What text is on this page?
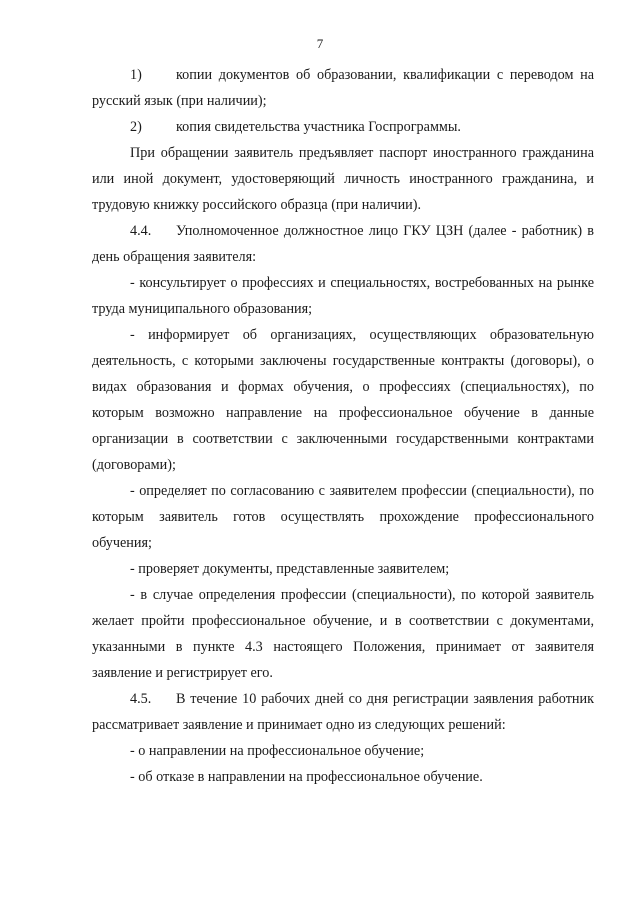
7

1) копии документов об образовании, квалификации с переводом на русский язык (при наличии);

2) копия свидетельства участника Госпрограммы.

При обращении заявитель предъявляет паспорт иностранного гражданина или иной документ, удостоверяющий личность иностранного гражданина, и трудовую книжку российского образца (при наличии).

4.4. Уполномоченное должностное лицо ГКУ ЦЗН (далее - работник) в день обращения заявителя:

- консультирует о профессиях и специальностях, востребованных на рынке труда муниципального образования;

- информирует об организациях, осуществляющих образовательную деятельность, с которыми заключены государственные контракты (договоры), о видах образования и формах обучения, о профессиях (специальностях), по которым возможно направление на профессиональное обучение в данные организации в соответствии с заключенными государственными контрактами (договорами);

- определяет по согласованию с заявителем профессии (специальности), по которым заявитель готов осуществлять прохождение профессионального обучения;

- проверяет документы, представленные заявителем;

- в случае определения профессии (специальности), по которой заявитель желает пройти профессиональное обучение, и в соответствии с документами, указанными в пункте 4.3 настоящего Положения, принимает от заявителя заявление и регистрирует его.

4.5. В течение 10 рабочих дней со дня регистрации заявления работник рассматривает заявление и принимает одно из следующих решений:

- о направлении на профессиональное обучение;

- об отказе в направлении на профессиональное обучение.
